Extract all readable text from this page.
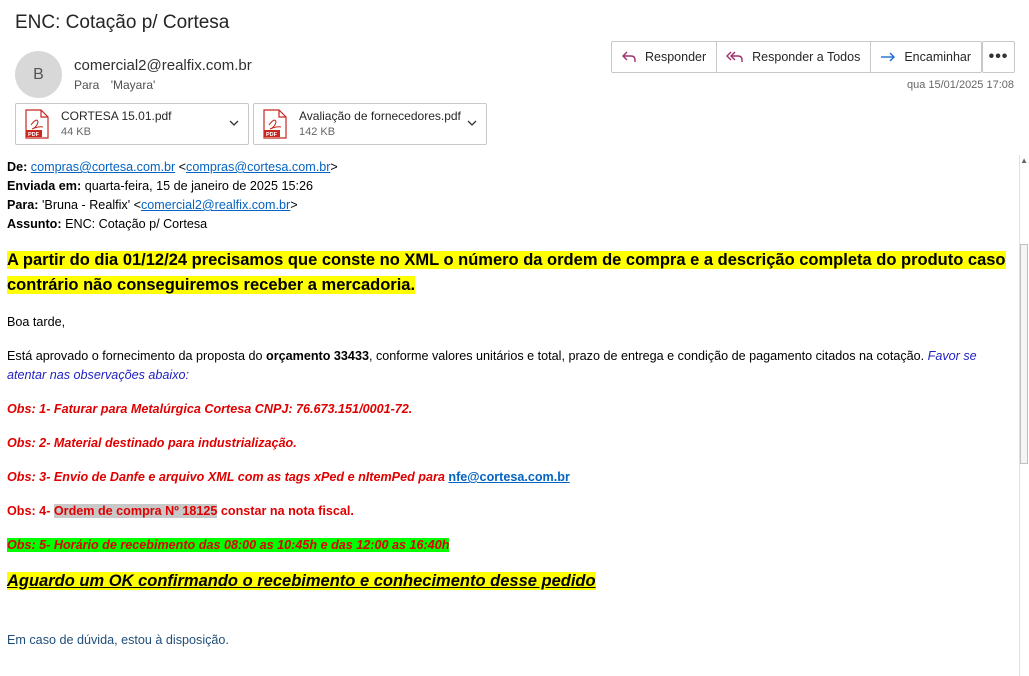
ENC: Cotação p/ Cortesa
B	comercial2@realfix.com.br
Para 'Mayara'
Responder	Responder a Todos	Encaminhar	•••
qua 15/01/2025 17:08
PDF
CORTESA 15.01.pdf
44 KB	PDF
Avaliação de fornecedores.pdf
142 KB
De: compras@cortesa.com.br <compras@cortesa.com.br>
Enviada em: quarta-feira, 15 de janeiro de 2025 15:26
Para: 'Bruna - Realfix' <comercial2@realfix.com.br>
Assunto: ENC: Cotação p/ Cortesa
A partir do dia 01/12/24 precisamos que conste no XML o número da ordem de compra e a descrição completa do produto caso contrário não conseguiremos receber a mercadoria.
Boa tarde,
Está aprovado o fornecimento da proposta do orçamento 33433, conforme valores unitários e total, prazo de entrega e condição de pagamento citados na cotação. Favor se atentar nas observações abaixo:
Obs: 1- Faturar para Metalúrgica Cortesa CNPJ: 76.673.151/0001-72.
Obs: 2- Material destinado para industrialização.
Obs: 3- Envio de Danfe e arquivo XML com as tags xPed e nItemPed para nfe@cortesa.com.br
Obs: 4- Ordem de compra Nº 18125 constar na nota fiscal.
Obs: 5- Horário de recebimento das 08:00 as 10:45h e das 12:00 as 16:40h
Aguardo um OK confirmando o recebimento e conhecimento desse pedido
Em caso de dúvida, estou à disposição.
▲
